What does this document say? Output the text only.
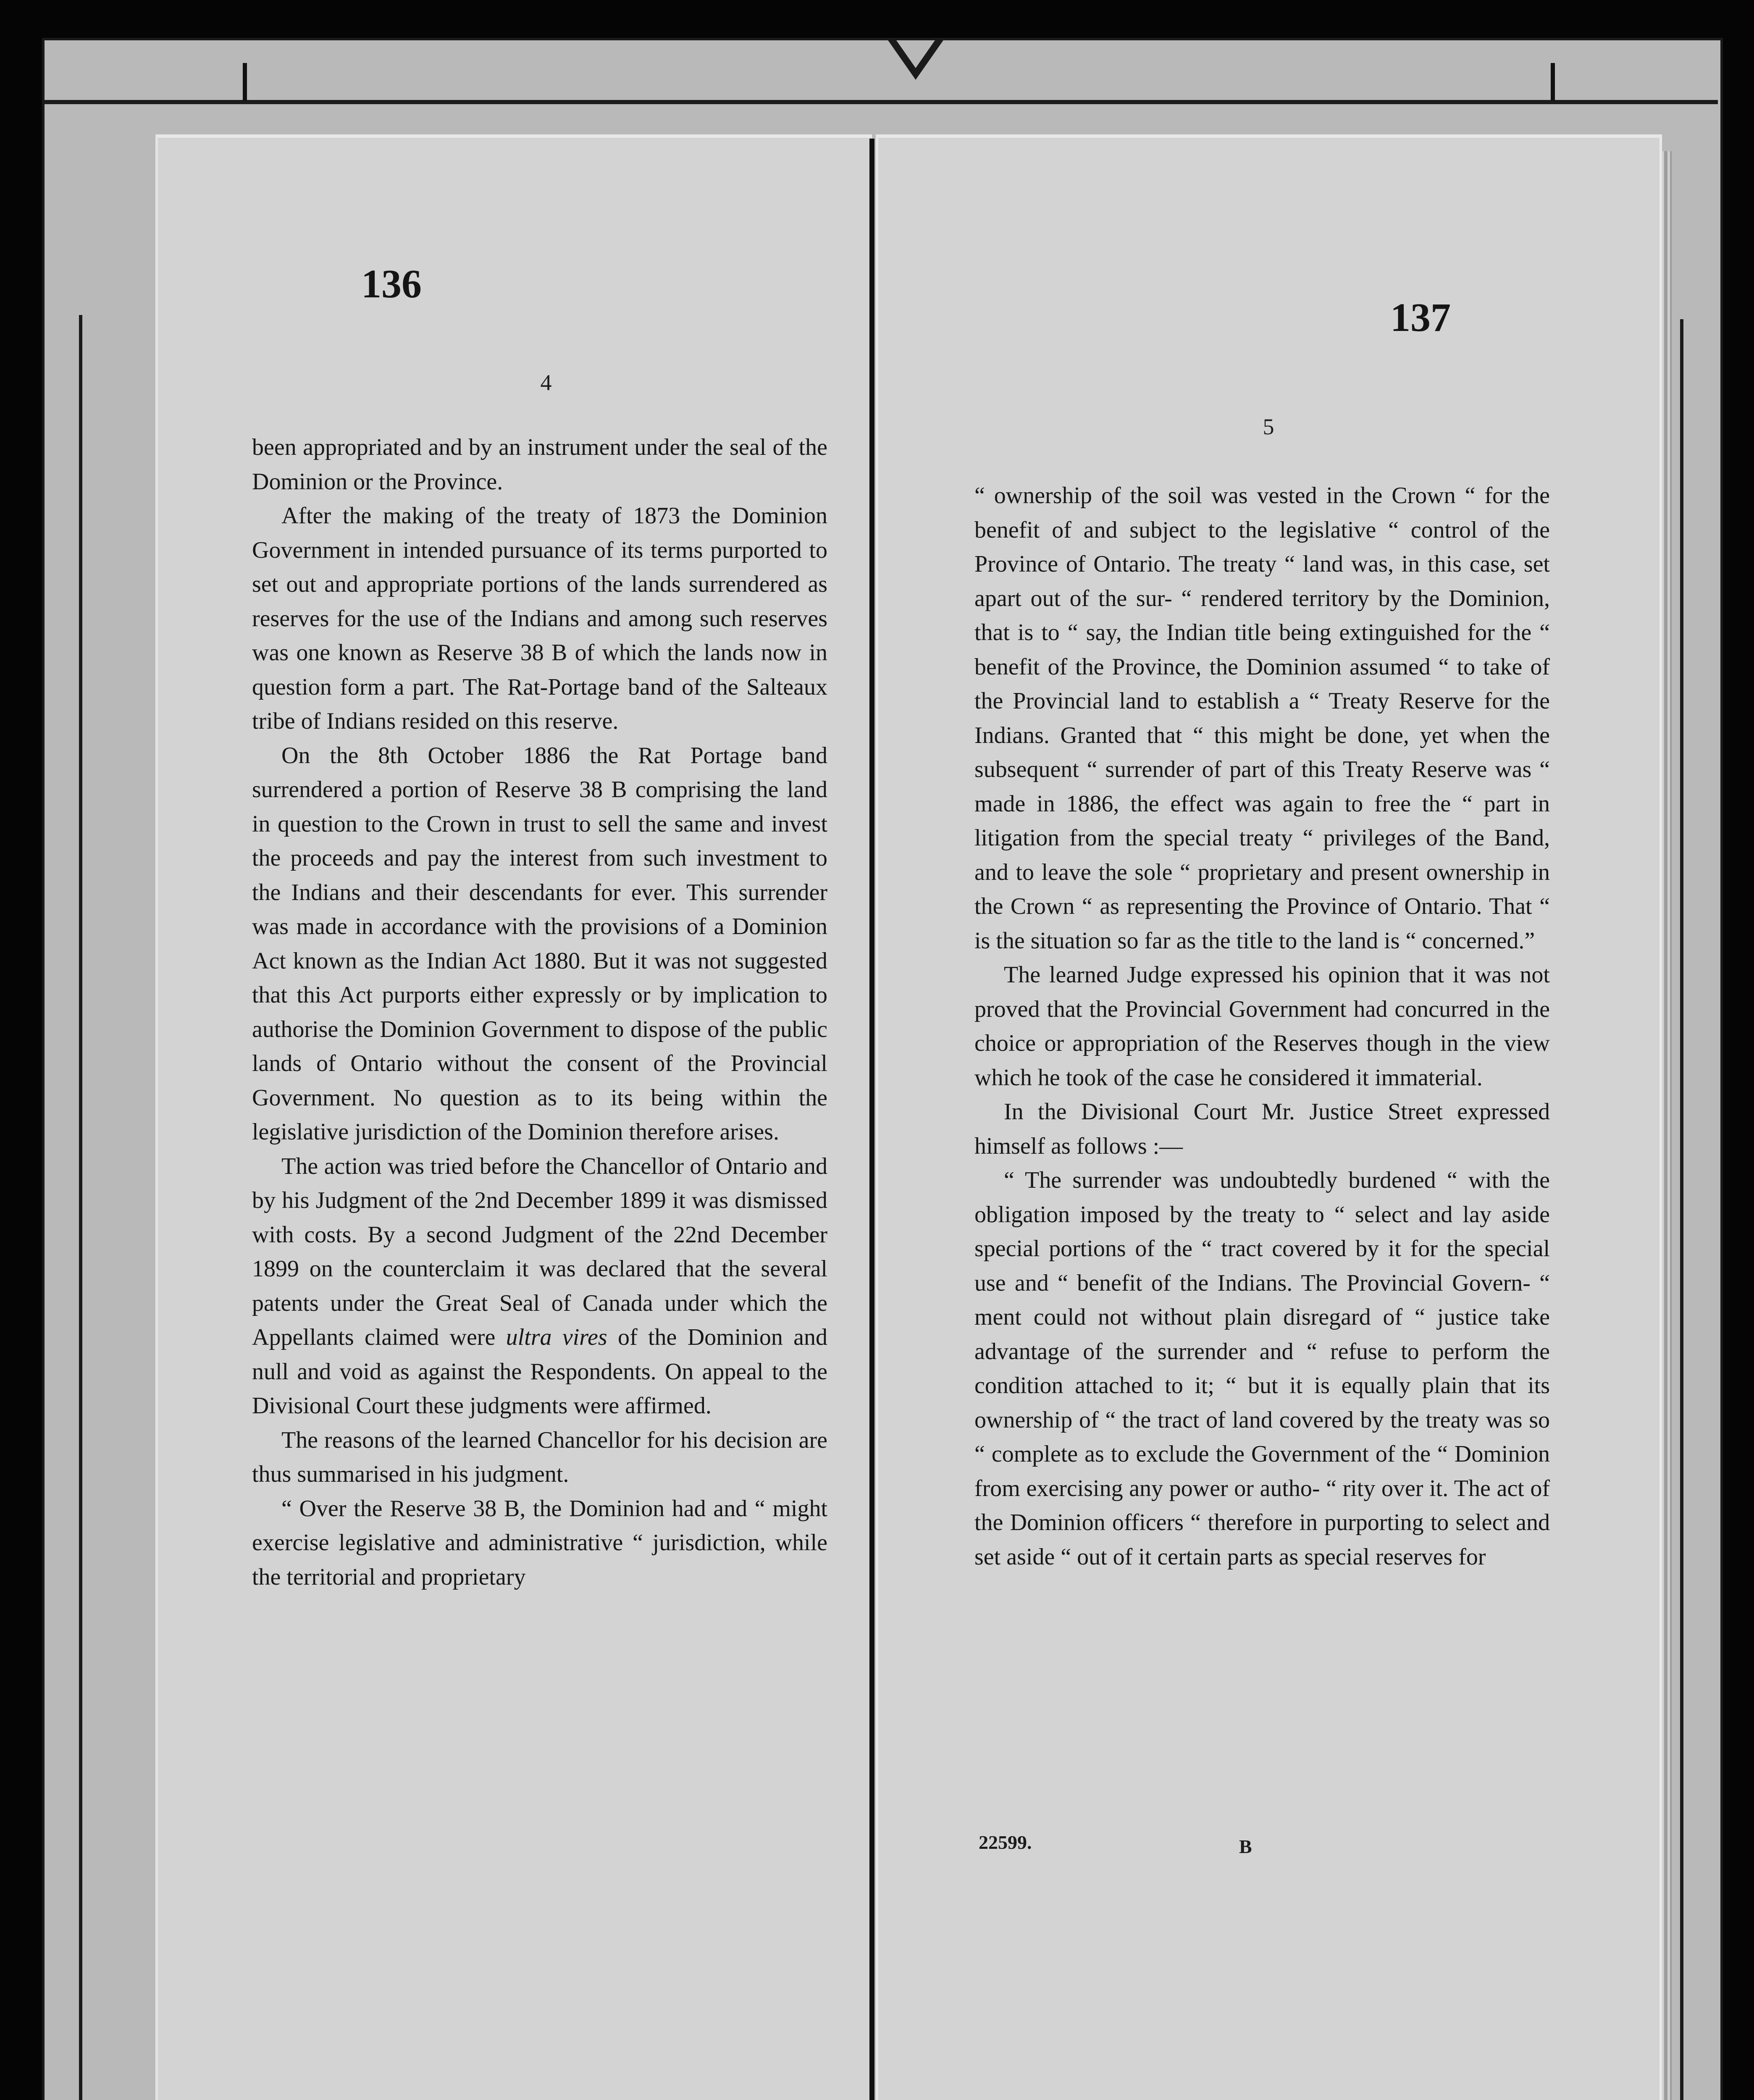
136
4

been appropriated and by an instrument under the seal of the Dominion or the Province.

After the making of the treaty of 1873 the Dominion Government in intended pursuance of its terms purported to set out and appropriate portions of the lands surrendered as reserves for the use of the Indians and among such reserves was one known as Reserve 38 B of which the lands now in question form a part. The Rat-Portage band of the Salteaux tribe of Indians resided on this reserve.

On the 8th October 1886 the Rat Portage band surrendered a portion of Reserve 38 B comprising the land in question to the Crown in trust to sell the same and invest the proceeds and pay the interest from such investment to the Indians and their descendants for ever. This surrender was made in accordance with the provisions of a Dominion Act known as the Indian Act 1880. But it was not suggested that this Act purports either expressly or by implication to authorise the Dominion Government to dispose of the public lands of Ontario without the consent of the Provincial Government. No question as to its being within the legislative jurisdiction of the Dominion therefore arises.

The action was tried before the Chancellor of Ontario and by his Judgment of the 2nd December 1899 it was dismissed with costs. By a second Judgment of the 22nd December 1899 on the counterclaim it was declared that the several patents under the Great Seal of Canada under which the Appellants claimed were ultra vires of the Dominion and null and void as against the Respondents. On appeal to the Divisional Court these judgments were affirmed.

The reasons of the learned Chancellor for his decision are thus summarised in his judgment.

“ Over the Reserve 38 B, the Dominion had and “ might exercise legislative and administrative “ jurisdiction, while the territorial and proprietary

137
5

“ ownership of the soil was vested in the Crown “ for the benefit of and subject to the legislative “ control of the Province of Ontario. The treaty “ land was, in this case, set apart out of the sur- “ rendered territory by the Dominion, that is to “ say, the Indian title being extinguished for the “ benefit of the Province, the Dominion assumed “ to take of the Provincial land to establish a “ Treaty Reserve for the Indians. Granted that “ this might be done, yet when the subsequent “ surrender of part of this Treaty Reserve was “ made in 1886, the effect was again to free the “ part in litigation from the special treaty “ privileges of the Band, and to leave the sole “ proprietary and present ownership in the Crown “ as representing the Province of Ontario. That “ is the situation so far as the title to the land is “ concerned.”

The learned Judge expressed his opinion that it was not proved that the Provincial Government had concurred in the choice or appropriation of the Reserves though in the view which he took of the case he considered it immaterial.

In the Divisional Court Mr. Justice Street expressed himself as follows :—

“ The surrender was undoubtedly burdened “ with the obligation imposed by the treaty to “ select and lay aside special portions of the “ tract covered by it for the special use and “ benefit of the Indians. The Provincial Govern- “ ment could not without plain disregard of “ justice take advantage of the surrender and “ refuse to perform the condition attached to it; “ but it is equally plain that its ownership of “ the tract of land covered by the treaty was so “ complete as to exclude the Government of the “ Dominion from exercising any power or autho- “ rity over it. The act of the Dominion officers “ therefore in purporting to select and set aside “ out of it certain parts as special reserves for

22599.	B
